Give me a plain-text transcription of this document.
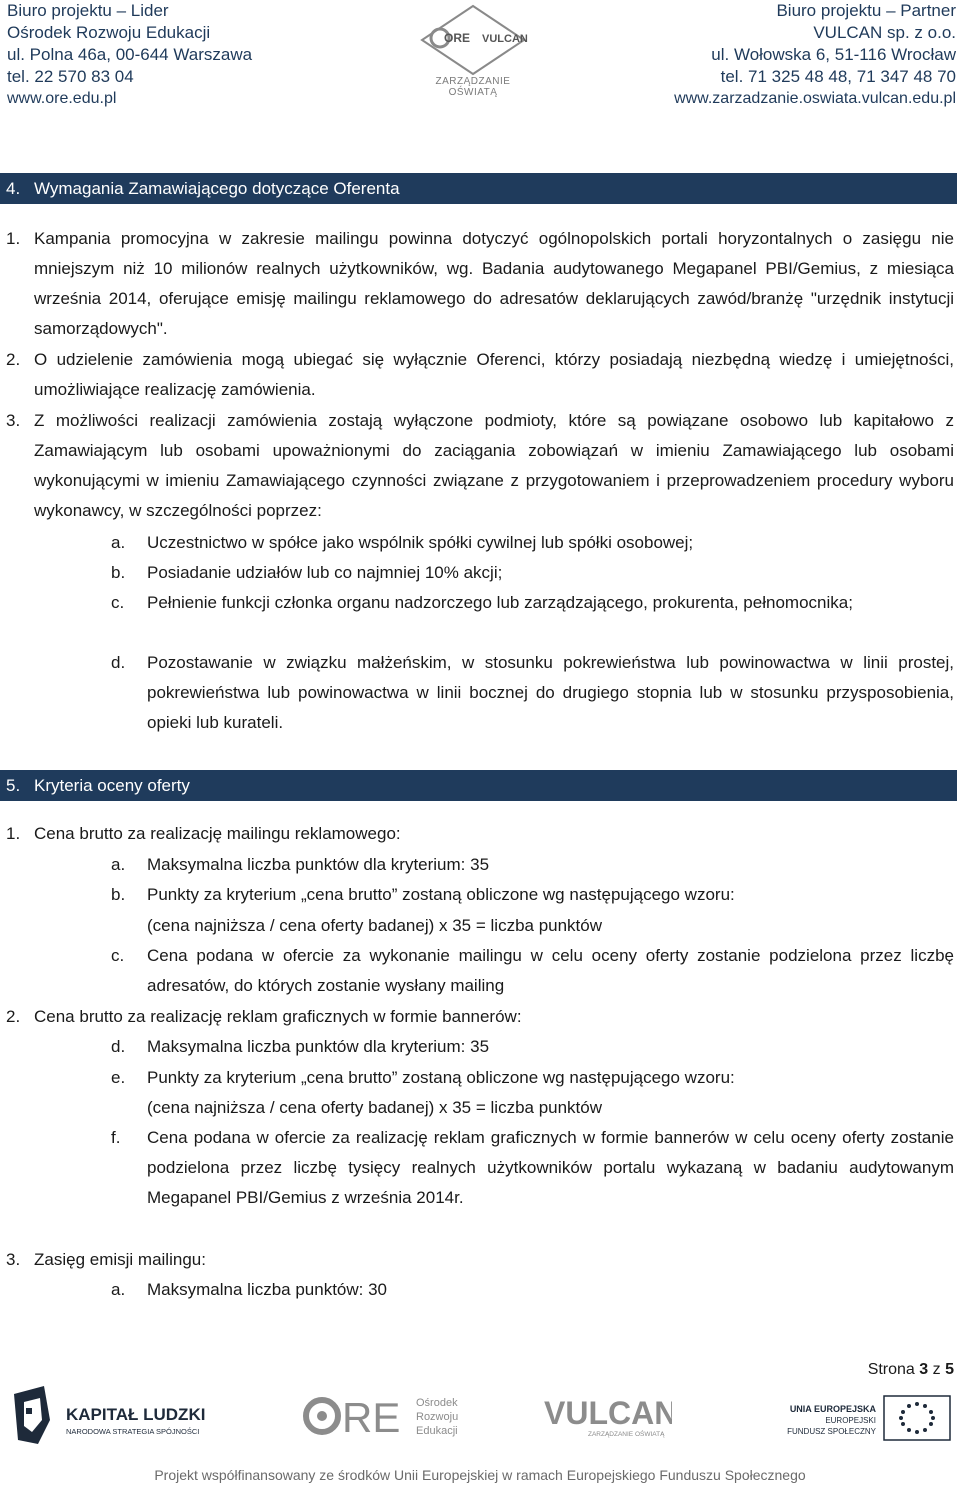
Biuro projektu – Lider
Ośrodek Rozwoju Edukacji
ul. Polna 46a, 00-644 Warszawa
tel. 22 570 83 04
www.ore.edu.pl
ORE VULCAN
ZARZĄDZANIE OŚWIATĄ
Biuro projektu – Partner
VULCAN sp. z o.o.
ul. Wołowska 6, 51-116 Wrocław
tel. 71 325 48 48, 71 347 48 70
www.zarzadzanie.oswiata.vulcan.edu.pl
4. Wymagania Zamawiającego dotyczące Oferenta
1. Kampania promocyjna w zakresie mailingu powinna dotyczyć ogólnopolskich portali horyzontalnych o zasięgu nie mniejszym niż 10 milionów realnych użytkowników, wg. Badania audytowanego Megapanel PBI/Gemius, z miesiąca września 2014, oferujące emisję mailingu reklamowego do adresatów deklarujących zawód/branżę "urzędnik instytucji samorządowych".
2. O udzielenie zamówienia mogą ubiegać się wyłącznie Oferenci, którzy posiadają niezbędną wiedzę i umiejętności, umożliwiające realizację zamówienia.
3. Z możliwości realizacji zamówienia zostają wyłączone podmioty, które są powiązane osobowo lub kapitałowo z Zamawiającym lub osobami upoważnionymi do zaciągania zobowiązań w imieniu Zamawiającego lub osobami wykonującymi w imieniu Zamawiającego czynności związane z przygotowaniem i przeprowadzeniem procedury wyboru wykonawcy, w szczególności poprzez:
a. Uczestnictwo w spółce jako wspólnik spółki cywilnej lub spółki osobowej;
b. Posiadanie udziałów lub co najmniej 10% akcji;
c. Pełnienie funkcji członka organu nadzorczego lub zarządzającego, prokurenta, pełnomocnika;
d. Pozostawanie w związku małżeńskim, w stosunku pokrewieństwa lub powinowactwa w linii prostej, pokrewieństwa lub powinowactwa w linii bocznej do drugiego stopnia lub w stosunku przysposobienia, opieki lub kurateli.
5. Kryteria oceny oferty
1. Cena brutto za realizację mailingu reklamowego:
a. Maksymalna liczba punktów dla kryterium: 35
b. Punkty za kryterium „cena brutto” zostaną obliczone wg następującego wzoru:
(cena najniższa / cena oferty badanej) x 35 = liczba punktów
c. Cena podana w ofercie za wykonanie mailingu w celu oceny oferty zostanie podzielona przez liczbę adresatów, do których zostanie wysłany mailing
2. Cena brutto za realizację reklam graficznych w formie bannerów:
d. Maksymalna liczba punktów dla kryterium: 35
e. Punkty za kryterium „cena brutto” zostaną obliczone wg następującego wzoru:
(cena najniższa / cena oferty badanej) x 35 = liczba punktów
f. Cena podana w ofercie za realizację reklam graficznych w formie bannerów w celu oceny oferty zostanie podzielona przez liczbę tysięcy realnych użytkowników portalu wykazaną w badaniu audytowanym Megapanel PBI/Gemius z września 2014r.
3. Zasięg emisji mailingu:
a. Maksymalna liczba punktów: 30
Strona 3 z 5
KAPITAŁ LUDZKI
NARODOWA STRATEGIA SPÓJNOŚCI	RE Ośrodek
Rozwoju
Edukacji	VULCAN
ZARZĄDZANIE OŚWIATĄ
UNIA EUROPEJSKA
EUROPEJSKI
FUNDUSZ SPOŁECZNY
Projekt współfinansowany ze środków Unii Europejskiej w ramach Europejskiego Funduszu Społecznego
